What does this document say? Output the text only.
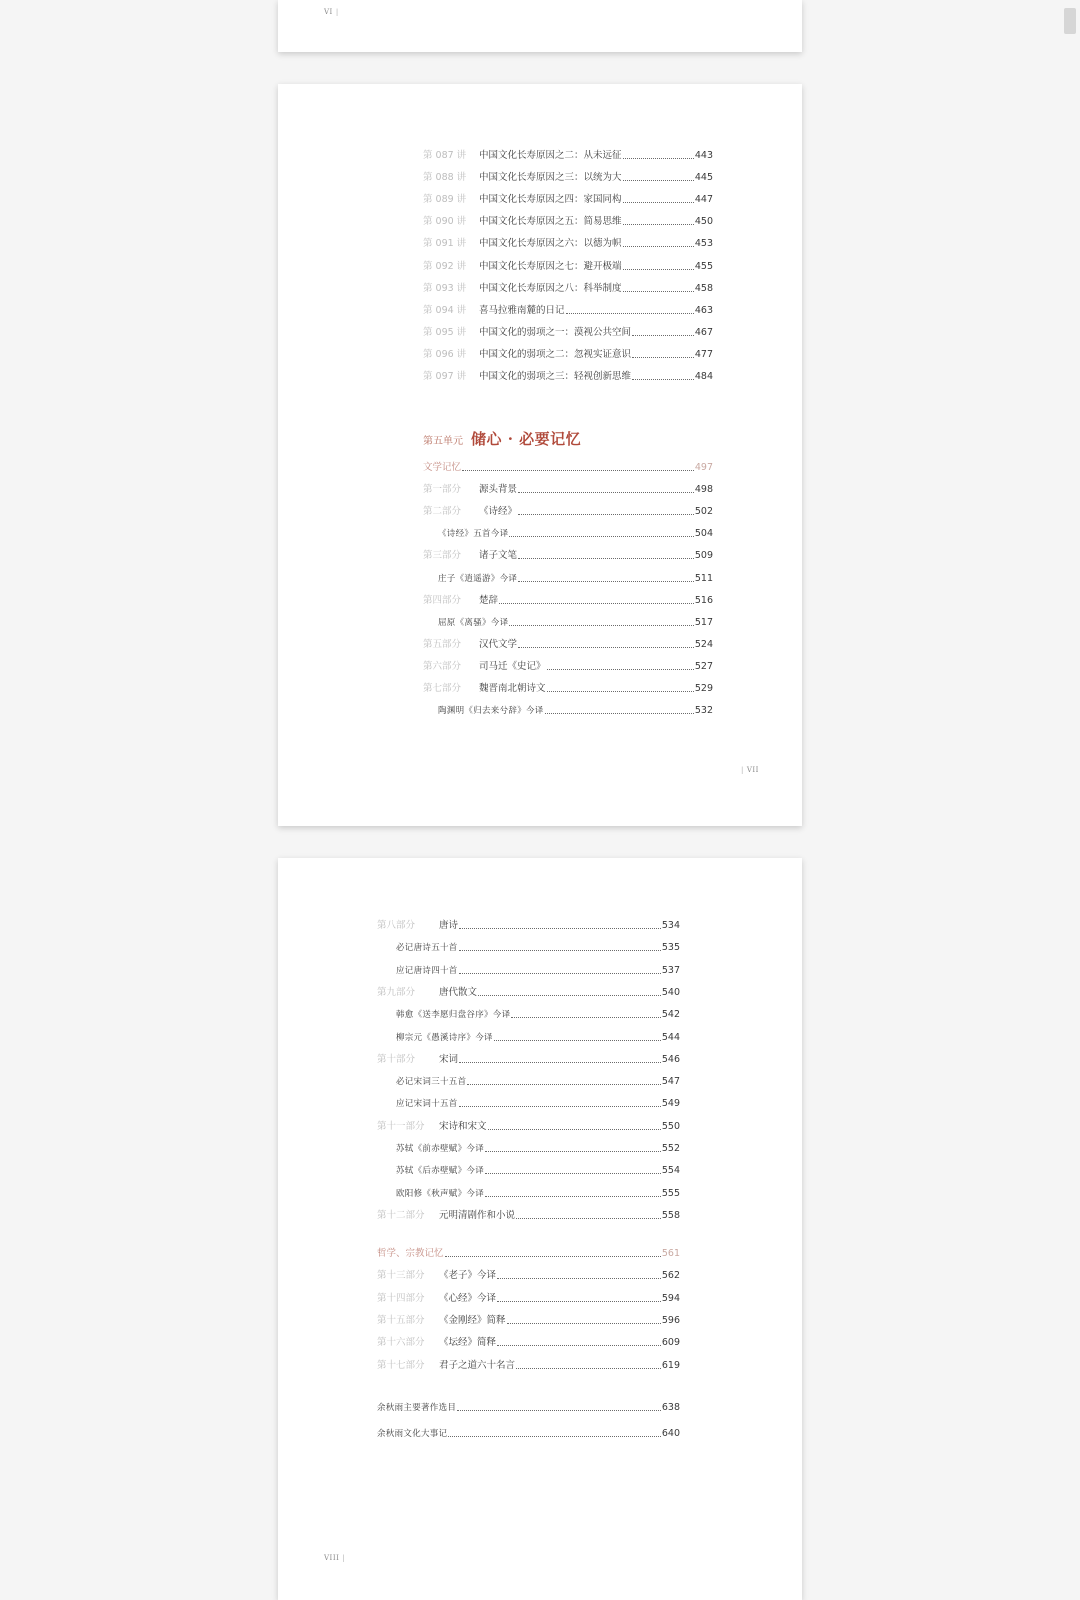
VI |
第 087 讲	中国文化长寿原因之二：从未远征	443
第 088 讲	中国文化长寿原因之三：以统为大	445
第 089 讲	中国文化长寿原因之四：家国同构	447
第 090 讲	中国文化长寿原因之五：简易思维	450
第 091 讲	中国文化长寿原因之六：以德为帜	453
第 092 讲	中国文化长寿原因之七：避开极端	455
第 093 讲	中国文化长寿原因之八：科举制度	458
第 094 讲	喜马拉雅南麓的日记	463
第 095 讲	中国文化的弱项之一：漠视公共空间	467
第 096 讲	中国文化的弱项之二：忽视实证意识	477
第 097 讲	中国文化的弱项之三：轻视创新思维	484
文学记忆	497
第一部分	源头背景	498
第二部分	《诗经》	502
《诗经》五首今译	504
第三部分	诸子文笔	509
庄子《逍遥游》今译	511
第四部分	楚辞	516
屈原《离骚》今译	517
第五部分	汉代文学	524
第六部分	司马迁《史记》	527
第七部分	魏晋南北朝诗文	529
陶渊明《归去来兮辞》今译	532
| VII
第五单元 储心 · 必要记忆
第八部分	唐诗	534
必记唐诗五十首	535
应记唐诗四十首	537
第九部分	唐代散文	540
韩愈《送李愿归盘谷序》今译	542
柳宗元《愚溪诗序》今译	544
第十部分	宋词	546
必记宋词三十五首	547
应记宋词十五首	549
第十一部分	宋诗和宋文	550
苏轼《前赤壁赋》今译	552
苏轼《后赤壁赋》今译	554
欧阳修《秋声赋》今译	555
第十二部分	元明清剧作和小说	558
哲学、宗教记忆	561
第十三部分	《老子》今译	562
第十四部分	《心经》今译	594
第十五部分	《金刚经》简释	596
第十六部分	《坛经》简释	609
第十七部分	君子之道六十名言	619
余秋雨主要著作选目	638
余秋雨文化大事记	640
VIII |
